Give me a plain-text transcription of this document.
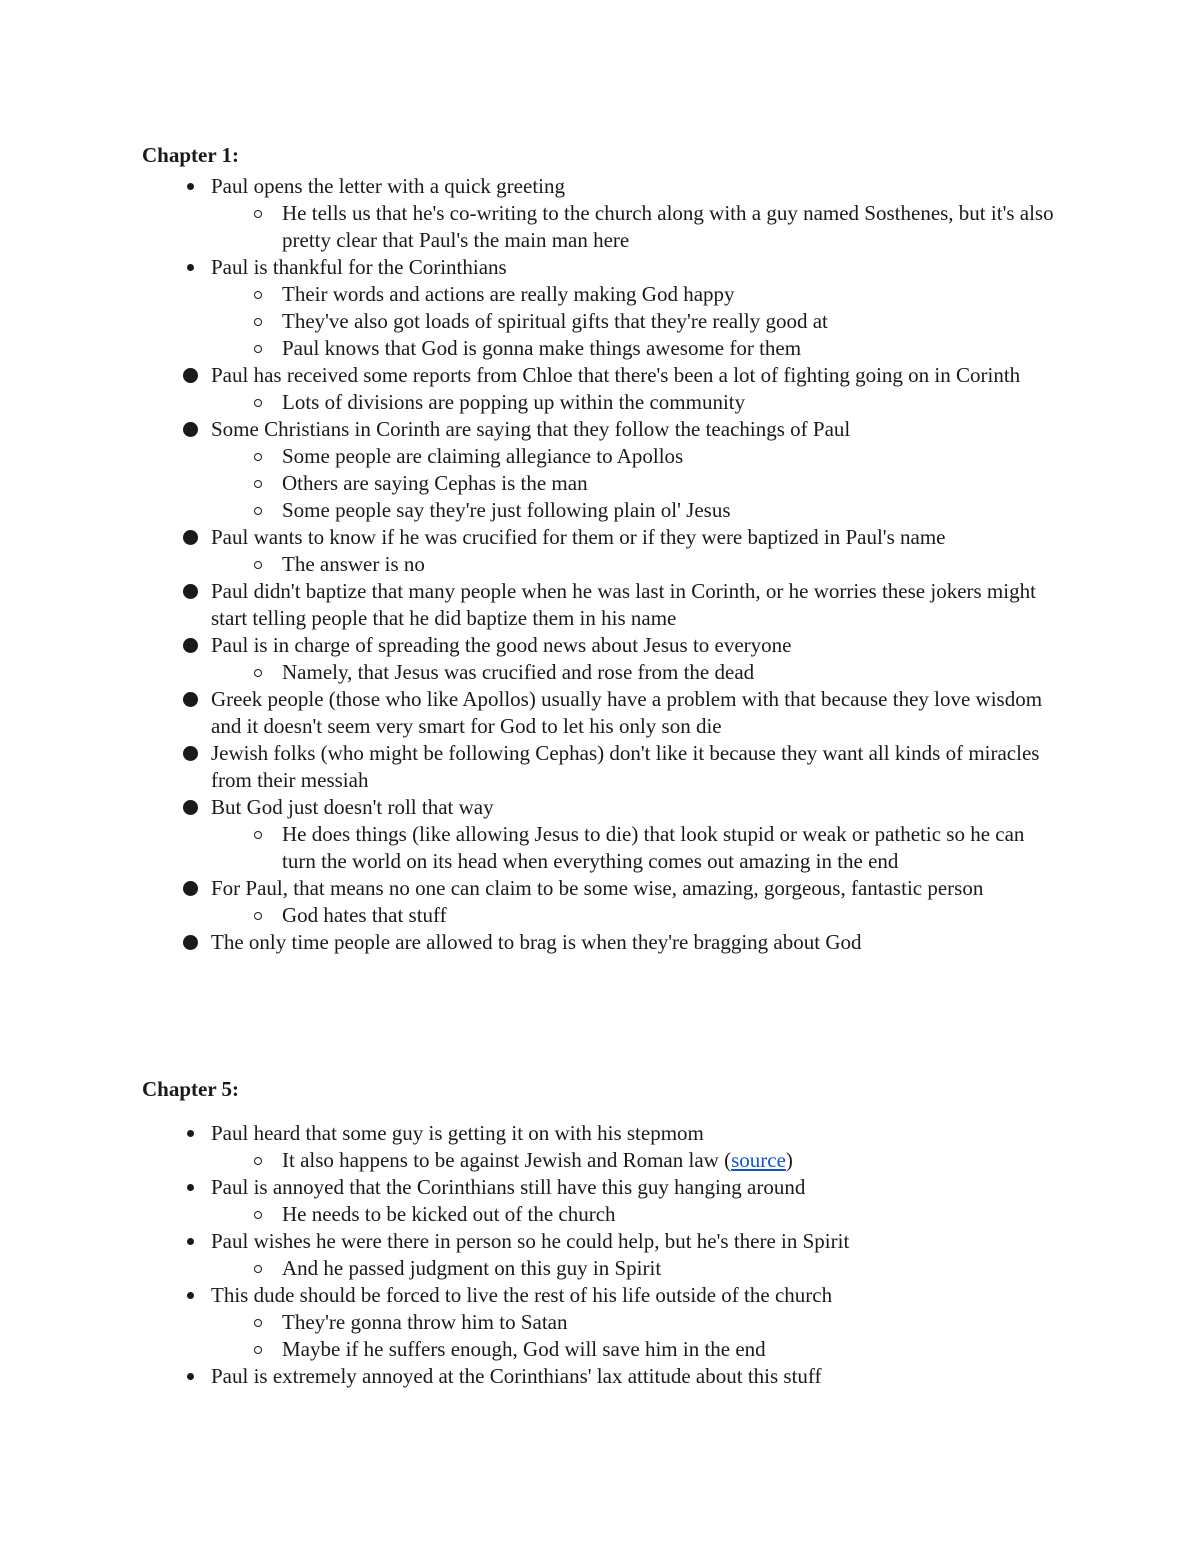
Chapter 1:
Paul opens the letter with a quick greeting
He tells us that he's co-writing to the church along with a guy named Sosthenes, but it's also pretty clear that Paul's the main man here
Paul is thankful for the Corinthians
Their words and actions are really making God happy
They've also got loads of spiritual gifts that they're really good at
Paul knows that God is gonna make things awesome for them
Paul has received some reports from Chloe that there's been a lot of fighting going on in Corinth
Lots of divisions are popping up within the community
Some Christians in Corinth are saying that they follow the teachings of Paul
Some people are claiming allegiance to Apollos
Others are saying Cephas is the man
Some people say they're just following plain ol' Jesus
Paul wants to know if he was crucified for them or if they were baptized in Paul's name
The answer is no
Paul didn't baptize that many people when he was last in Corinth, or he worries these jokers might start telling people that he did baptize them in his name
Paul is in charge of spreading the good news about Jesus to everyone
Namely, that Jesus was crucified and rose from the dead
Greek people (those who like Apollos) usually have a problem with that because they love wisdom and it doesn't seem very smart for God to let his only son die
Jewish folks (who might be following Cephas) don't like it because they want all kinds of miracles from their messiah
But God just doesn't roll that way
He does things (like allowing Jesus to die) that look stupid or weak or pathetic so he can turn the world on its head when everything comes out amazing in the end
For Paul, that means no one can claim to be some wise, amazing, gorgeous, fantastic person
God hates that stuff
The only time people are allowed to brag is when they're bragging about God
Chapter 5:
Paul heard that some guy is getting it on with his stepmom
It also happens to be against Jewish and Roman law (source)
Paul is annoyed that the Corinthians still have this guy hanging around
He needs to be kicked out of the church
Paul wishes he were there in person so he could help, but he's there in Spirit
And he passed judgment on this guy in Spirit
This dude should be forced to live the rest of his life outside of the church
They're gonna throw him to Satan
Maybe if he suffers enough, God will save him in the end
Paul is extremely annoyed at the Corinthians' lax attitude about this stuff
